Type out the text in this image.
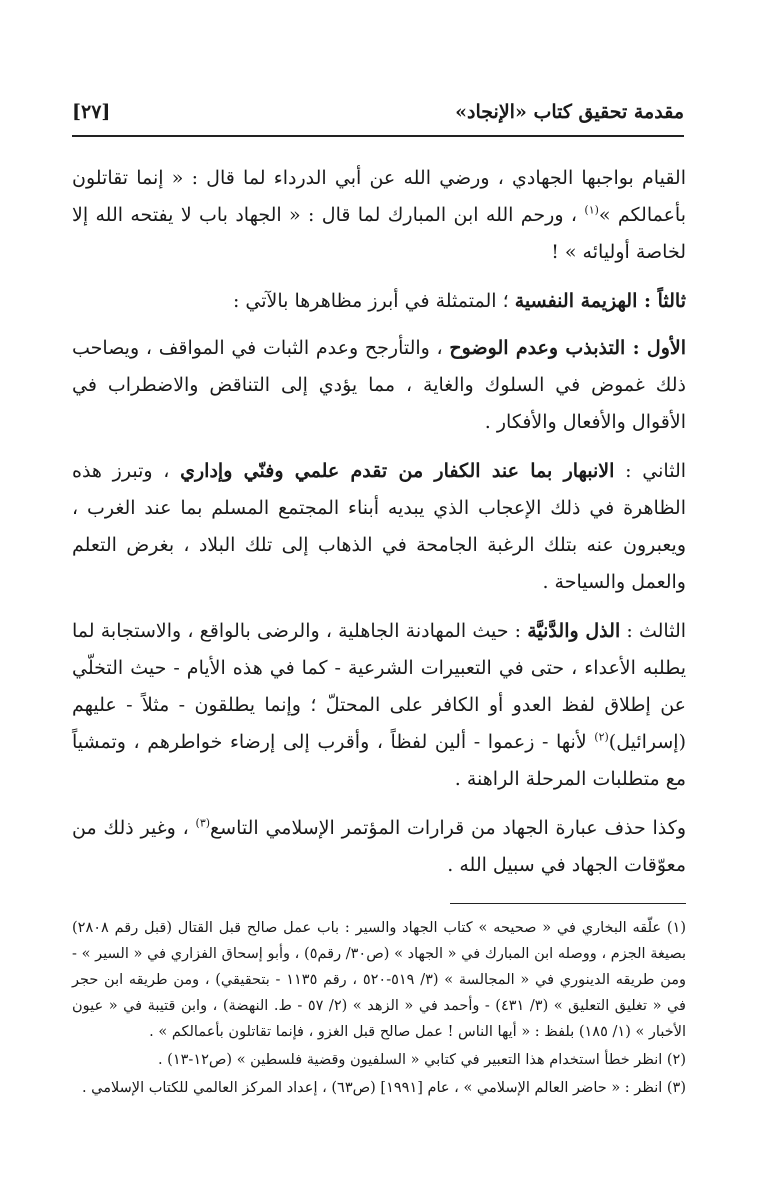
مقدمة تحقيق كتاب «الإنجاد»
[٢٧]

القيام بواجبها الجهادي ، ورضي الله عن أبي الدرداء لما قال : « إنما تقاتلون بأعمالكم »$^{(١)}$ ، ورحم الله ابن المبارك لما قال : « الجهاد باب لا يفتحه الله إلا لخاصة أوليائه » !

ثالثاً : الهزيمة النفسية ؛ المتمثلة في أبرز مظاهرها بالآتي :

الأول : التذبذب وعدم الوضوح ، والتأرجح وعدم الثبات في المواقف ، ويصاحب ذلك غموض في السلوك والغاية ، مما يؤدي إلى التناقض والاضطراب في الأقوال والأفعال والأفكار .

الثاني : الانبهار بما عند الكفار من تقدم علمي وفنّي وإداري ، وتبرز هذه الظاهرة في ذلك الإعجاب الذي يبديه أبناء المجتمع المسلم بما عند الغرب ، ويعبرون عنه بتلك الرغبة الجامحة في الذهاب إلى تلك البلاد ، بغرض التعلم والعمل والسياحة .

الثالث : الذل والدَّنيَّة : حيث المهادنة الجاهلية ، والرضى بالواقع ، والاستجابة لما يطلبه الأعداء ، حتى في التعبيرات الشرعية - كما في هذه الأيام - حيث التخلّي عن إطلاق لفظ العدو أو الكافر على المحتلّ ؛ وإنما يطلقون - مثلاً - عليهم (إسرائيل)$^{(٢)}$ لأنها - زعموا - ألين لفظاً ، وأقرب إلى إرضاء خواطرهم ، وتمشياً مع متطلبات المرحلة الراهنة .

وكذا حذف عبارة الجهاد من قرارات المؤتمر الإسلامي التاسع$^{(٣)}$ ، وغير ذلك من معوّقات الجهاد في سبيل الله .

(١) علّقه البخاري في « صحيحه » كتاب الجهاد والسير : باب عمل صالح قبل القتال (قبل رقم ٢٨٠٨) بصيغة الجزم ، ووصله ابن المبارك في « الجهاد » (ص٣٠/ رقم٥) ، وأبو إسحاق الفزاري في « السير » - ومن طريقه الدينوري في « المجالسة » (٣/ ٥١٩-٥٢٠ ، رقم ١١٣٥ - بتحقيقي) ، ومن طريقه ابن حجر في « تغليق التعليق » (٣/ ٤٣١) - وأحمد في « الزهد » (٢/ ٥٧ - ط. النهضة) ، وابن قتيبة في « عيون الأخبار » (١/ ١٨٥) بلفظ : « أيها الناس ! عمل صالح قبل الغزو ، فإنما تقاتلون بأعمالكم » .

(٢) انظر خطأ استخدام هذا التعبير في كتابي « السلفيون وقضية فلسطين » (ص١٢-١٣) .

(٣) انظر : « حاضر العالم الإسلامي » ، عام [١٩٩١] (ص٦٣) ، إعداد المركز العالمي للكتاب الإسلامي .
